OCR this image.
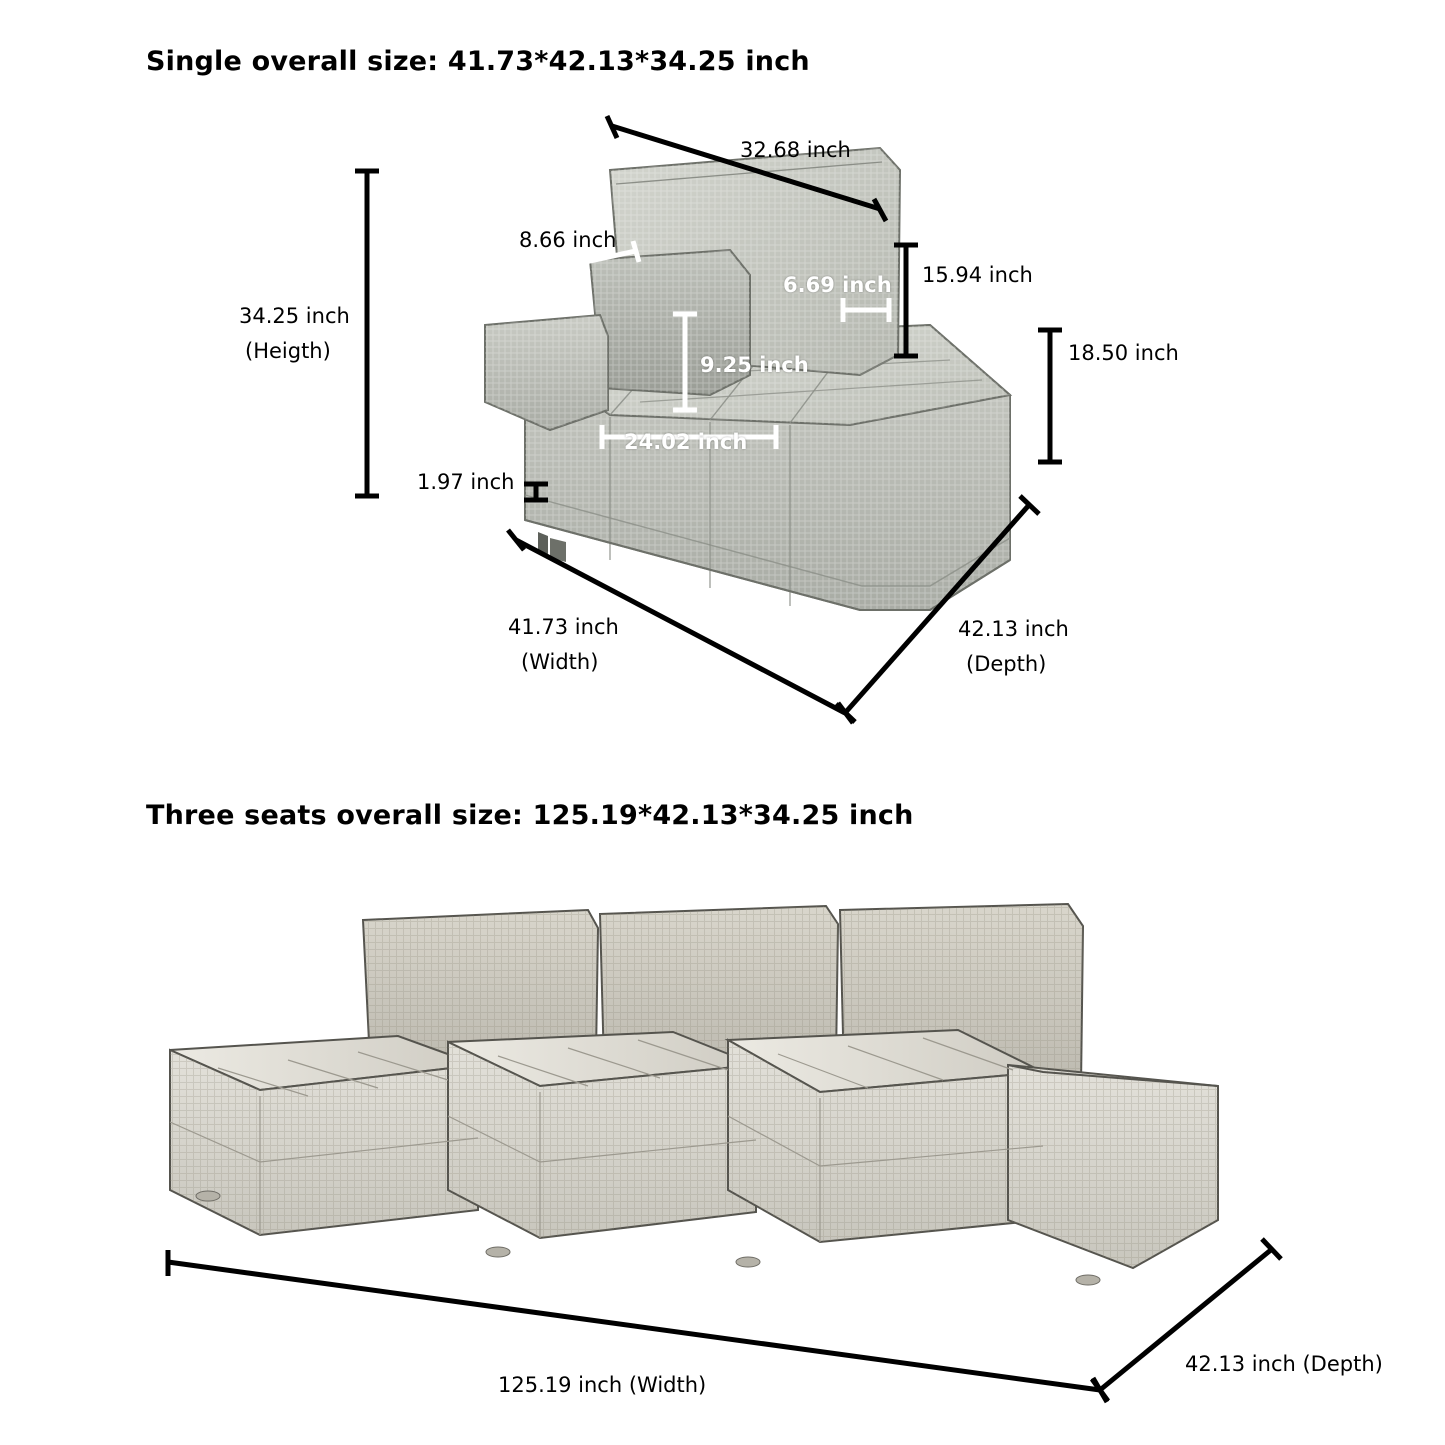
Single overall size: 41.73*42.13*34.25 inch
Three seats overall size: 125.19*42.13*34.25 inch
32.68 inch
8.66 inch
6.69 inch 15.94 inch
18.50 inch
34.25 inch
(Heigth)
9.25 inch
24.02 inch
1.97 inch
41.73 inch
(Width)
42.13 inch
(Depth)
125.19 inch (Width)
42.13 inch (Depth)
